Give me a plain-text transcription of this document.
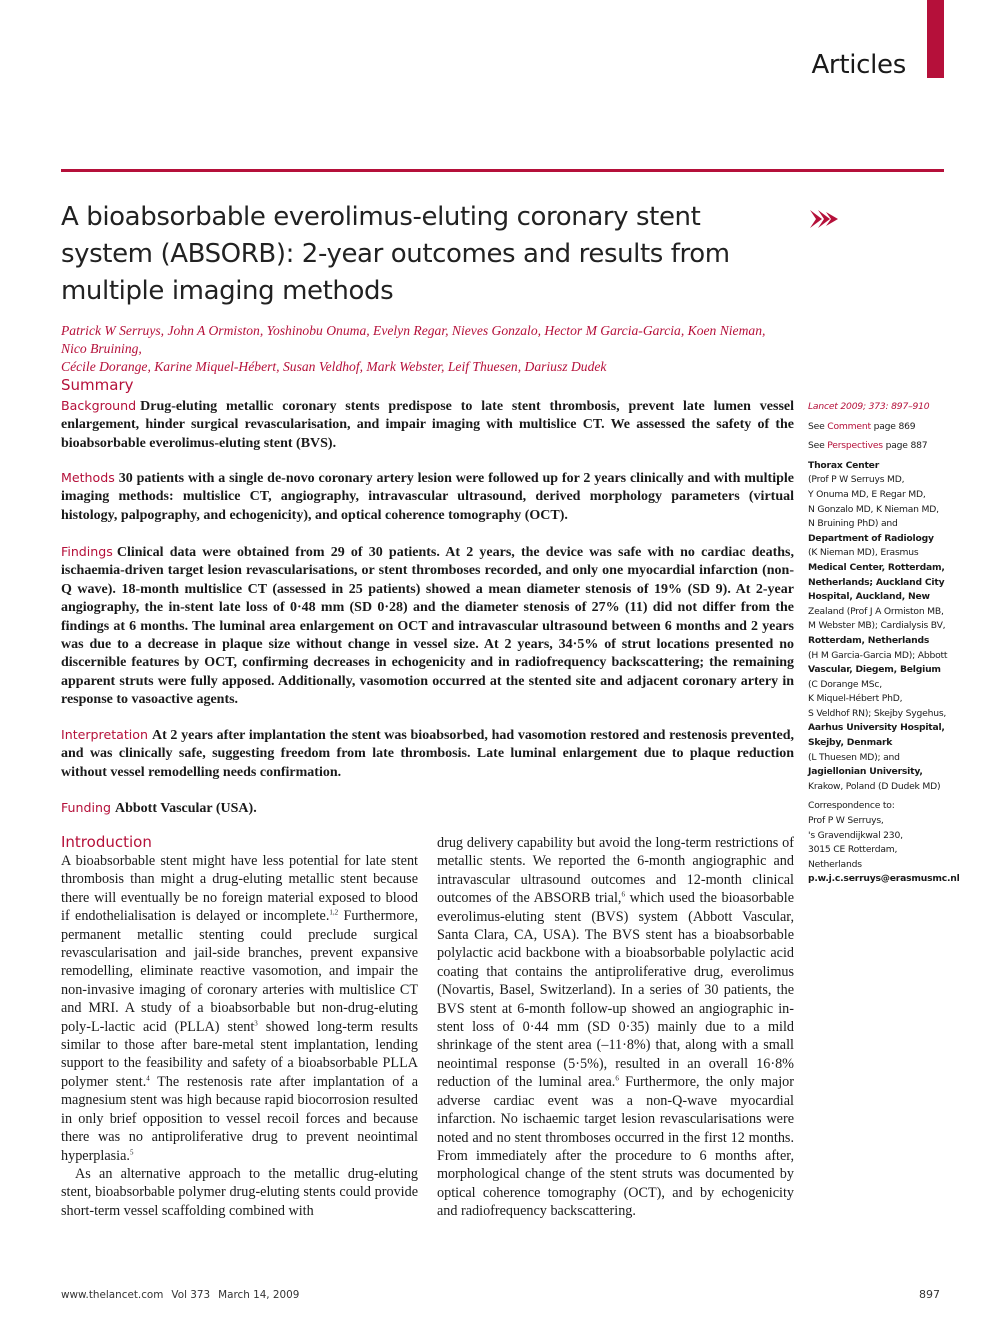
Articles
A bioabsorbable everolimus-eluting coronary stent system (ABSORB): 2-year outcomes and results from multiple imaging methods
Patrick W Serruys, John A Ormiston, Yoshinobu Onuma, Evelyn Regar, Nieves Gonzalo, Hector M Garcia-Garcia, Koen Nieman, Nico Bruining,
Cécile Dorange, Karine Miquel-Hébert, Susan Veldhof, Mark Webster, Leif Thuesen, Dariusz Dudek
Summary

Background Drug-eluting metallic coronary stents predispose to late stent thrombosis, prevent late lumen vessel enlargement, hinder surgical revascularisation, and impair imaging with multislice CT. We assessed the safety of the bioabsorbable everolimus-eluting stent (BVS).

Methods 30 patients with a single de-novo coronary artery lesion were followed up for 2 years clinically and with multiple imaging methods: multislice CT, angiography, intravascular ultrasound, derived morphology parameters (virtual histology, palpography, and echogenicity), and optical coherence tomography (OCT).

Findings Clinical data were obtained from 29 of 30 patients. At 2 years, the device was safe with no cardiac deaths, ischaemia-driven target lesion revascularisations, or stent thromboses recorded, and only one myocardial infarction (non-Q wave). 18-month multislice CT (assessed in 25 patients) showed a mean diameter stenosis of 19% (SD 9). At 2-year angiography, the in-stent late loss of 0·48 mm (SD 0·28) and the diameter stenosis of 27% (11) did not differ from the findings at 6 months. The luminal area enlargement on OCT and intravascular ultrasound between 6 months and 2 years was due to a decrease in plaque size without change in vessel size. At 2 years, 34·5% of strut locations presented no discernible features by OCT, confirming decreases in echogenicity and in radiofrequency backscattering; the remaining apparent struts were fully apposed. Additionally, vasomotion occurred at the stented site and adjacent coronary artery in response to vasoactive agents.

Interpretation At 2 years after implantation the stent was bioabsorbed, had vasomotion restored and restenosis prevented, and was clinically safe, suggesting freedom from late thrombosis. Late luminal enlargement due to plaque reduction without vessel remodelling needs confirmation.

Funding Abbott Vascular (USA).

Lancet 2009; 373: 897–910
See Comment page 869
See Perspectives page 887
Thorax Center
(Prof P W Serruys MD,
Y Onuma MD, E Regar MD,
N Gonzalo MD, K Nieman MD,
N Bruining PhD) and
Department of Radiology
(K Nieman MD), Erasmus
Medical Center, Rotterdam,
Netherlands; Auckland City
Hospital, Auckland, New
Zealand (Prof J A Ormiston MB,
M Webster MB); Cardialysis BV,
Rotterdam, Netherlands
(H M Garcia-Garcia MD); Abbott
Vascular, Diegem, Belgium
(C Dorange MSc,
K Miquel-Hébert PhD,
S Veldhof RN); Skejby Sygehus,
Aarhus University Hospital,
Skejby, Denmark
(L Thuesen MD); and
Jagiellonian University,
Krakow, Poland (D Dudek MD)
Correspondence to:
Prof P W Serruys,
's Gravendijkwal 230,
3015 CE Rotterdam, Netherlands
p.w.j.c.serruys@erasmusmc.nl
Introduction

A bioabsorbable stent might have less potential for late stent thrombosis than might a drug-eluting metallic stent because there will eventually be no foreign material exposed to blood if endothelialisation is delayed or incomplete.$^{1,2}$ Furthermore, permanent metallic stenting could preclude surgical revascularisation and jail-side branches, prevent expansive remodelling, eliminate reactive vasomotion, and impair the non-invasive imaging of coronary arteries with multislice CT and MRI. A study of a bioabsorbable but non-drug-eluting poly-L-lactic acid (PLLA) stent$^3$ showed long-term results similar to those after bare-metal stent implantation, lending support to the feasibility and safety of a bioabsorbable PLLA polymer stent.$^4$ The restenosis rate after implantation of a magnesium stent was high because rapid biocorrosion resulted in only brief opposition to vessel recoil forces and because there was no antiproliferative drug to prevent neointimal hyperplasia.$^5$

As an alternative approach to the metallic drug-eluting stent, bioabsorbable polymer drug-eluting stents could provide short-term vessel scaffolding combined with

drug delivery capability but avoid the long-term restrictions of metallic stents. We reported the 6-month angiographic and intravascular ultrasound outcomes and 12-month clinical outcomes of the ABSORB trial,$^6$ which used the bioasorbable everolimus-eluting stent (BVS) system (Abbott Vascular, Santa Clara, CA, USA). The BVS stent has a bioabsorbable polylactic acid backbone with a bioabsorbable polylactic acid coating that contains the antiproliferative drug, everolimus (Novartis, Basel, Switzerland). In a series of 30 patients, the BVS stent at 6-month follow-up showed an angiographic in-stent loss of 0·44 mm (SD 0·35) mainly due to a mild shrinkage of the stent area (–11·8%) that, along with a small neointimal response (5·5%), resulted in an overall 16·8% reduction of the luminal area.$^6$ Furthermore, the only major adverse cardiac event was a non-Q-wave myocardial infarction. No ischaemic target lesion revascularisations were noted and no stent thromboses occurred in the first 12 months. From immediately after the procedure to 6 months after, morphological change of the stent struts was documented by optical coherence tomography (OCT), and by echogenicity and radiofrequency backscattering.

www.thelancet.com Vol 373 March 14, 2009	897
